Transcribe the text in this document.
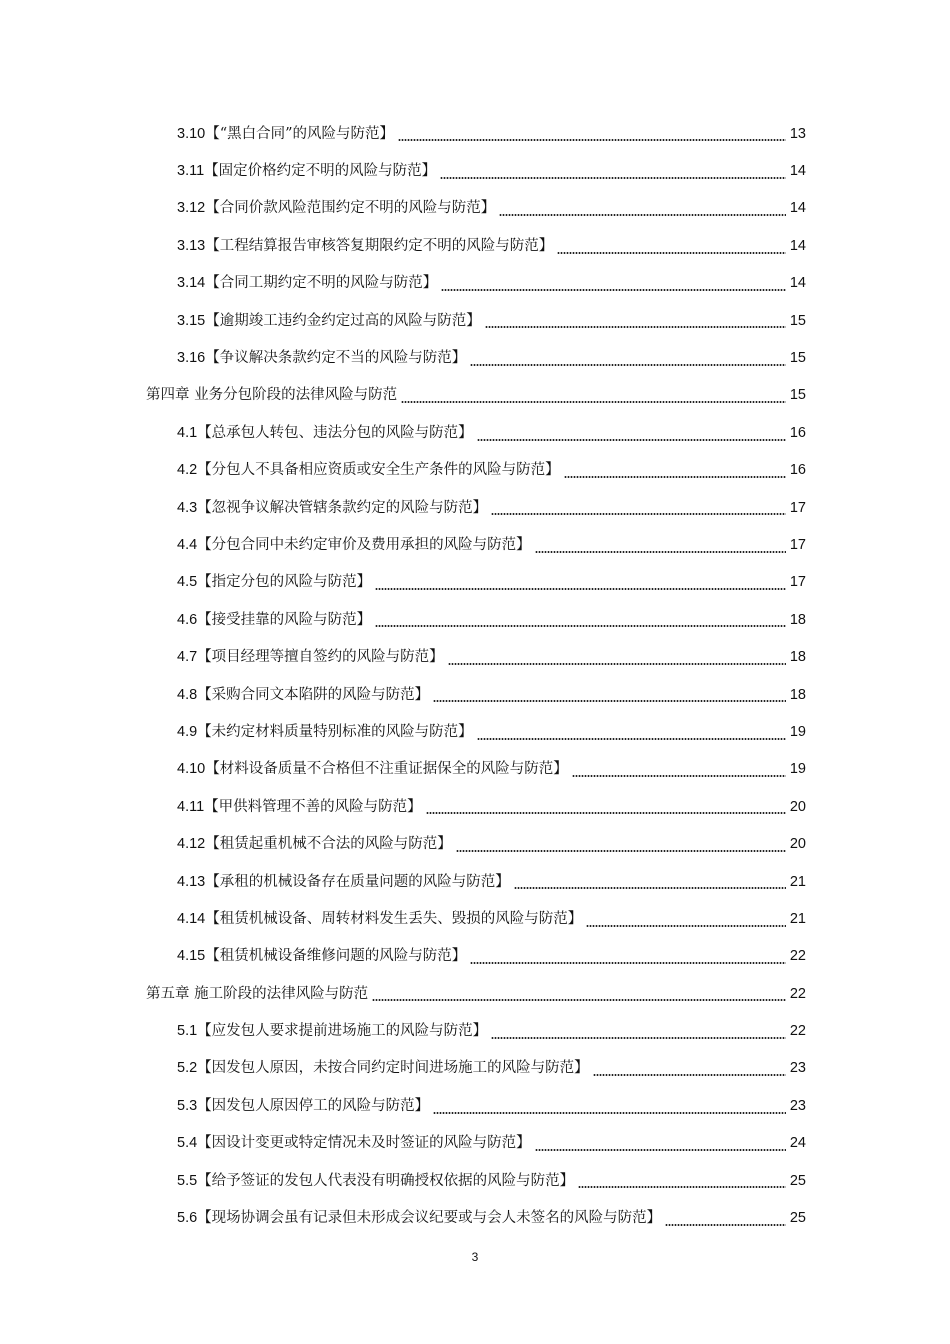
3.10 【“黑白合同”的风险与防范】	13
3.11 【固定价格约定不明的风险与防范】	14
3.12 【合同价款风险范围约定不明的风险与防范】	14
3.13 【工程结算报告审核答复期限约定不明的风险与防范】	14
3.14 【合同工期约定不明的风险与防范】	14
3.15 【逾期竣工违约金约定过高的风险与防范】	15
3.16 【争议解决条款约定不当的风险与防范】	15
第四章 业务分包阶段的法律风险与防范	15
4.1 【总承包人转包、违法分包的风险与防范】	16
4.2 【分包人不具备相应资质或安全生产条件的风险与防范】	16
4.3 【忽视争议解决管辖条款约定的风险与防范】	17
4.4 【分包合同中未约定审价及费用承担的风险与防范】	17
4.5 【指定分包的风险与防范】	17
4.6 【接受挂靠的风险与防范】	18
4.7 【项目经理等擅自签约的风险与防范】	18
4.8 【采购合同文本陷阱的风险与防范】	18
4.9 【未约定材料质量特别标准的风险与防范】	19
4.10 【材料设备质量不合格但不注重证据保全的风险与防范】	19
4.11 【甲供料管理不善的风险与防范】	20
4.12 【租赁起重机械不合法的风险与防范】	20
4.13 【承租的机械设备存在质量问题的风险与防范】	21
4.14 【租赁机械设备、周转材料发生丢失、毁损的风险与防范】	21
4.15 【租赁机械设备维修问题的风险与防范】	22
第五章 施工阶段的法律风险与防范	22
5.1 【应发包人要求提前进场施工的风险与防范】	22
5.2 【因发包人原因，未按合同约定时间进场施工的风险与防范】	23
5.3 【因发包人原因停工的风险与防范】	23
5.4 【因设计变更或特定情况未及时签证的风险与防范】	24
5.5 【给予签证的发包人代表没有明确授权依据的风险与防范】	25
5.6 【现场协调会虽有记录但未形成会议纪要或与会人未签名的风险与防范】	25
3
